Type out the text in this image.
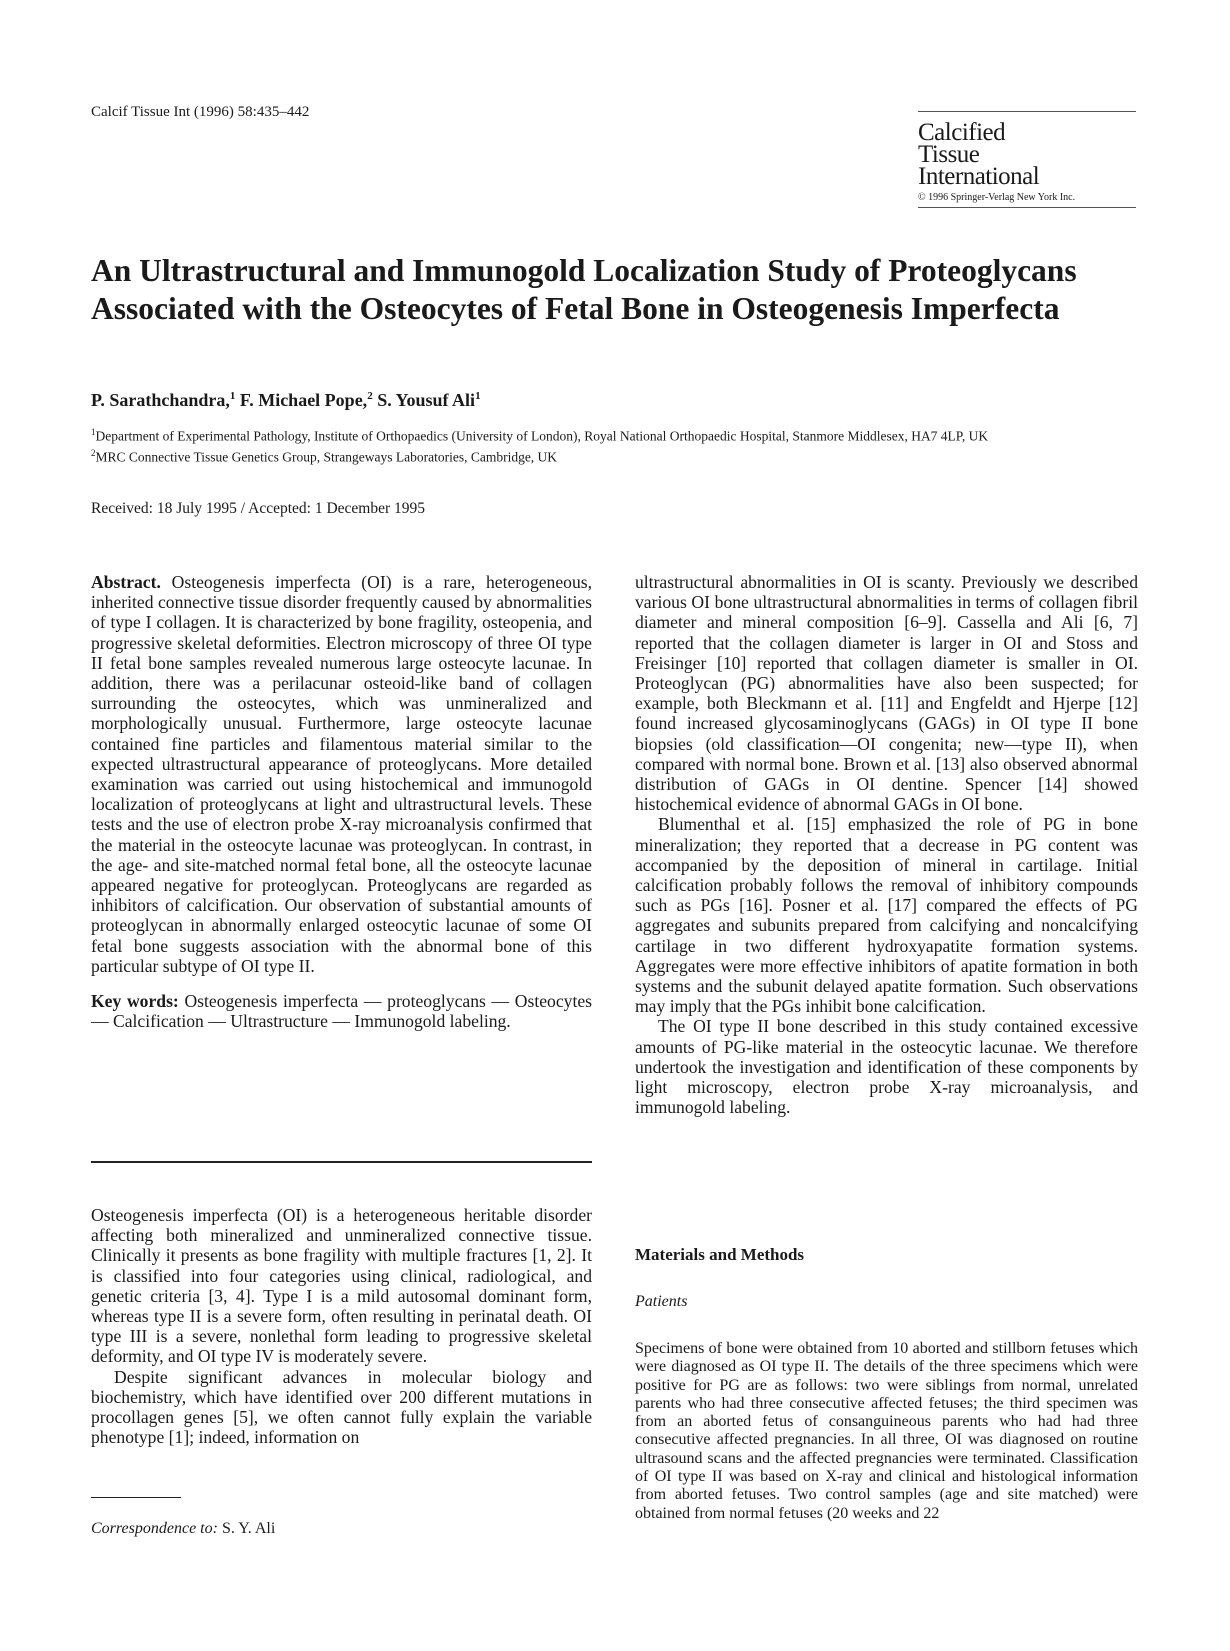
Calcif Tissue Int (1996) 58:435–442
Calcified
Tissue
International
© 1996 Springer-Verlag New York Inc.
An Ultrastructural and Immunogold Localization Study of Proteoglycans Associated with the Osteocytes of Fetal Bone in Osteogenesis Imperfecta
P. Sarathchandra,$^1$ F. Michael Pope,$^2$ S. Yousuf Ali$^1$
$^1$Department of Experimental Pathology, Institute of Orthopaedics (University of London), Royal National Orthopaedic Hospital, Stanmore Middlesex, HA7 4LP, UK
$^2$MRC Connective Tissue Genetics Group, Strangeways Laboratories, Cambridge, UK
Received: 18 July 1995 / Accepted: 1 December 1995

Abstract. Osteogenesis imperfecta (OI) is a rare, heterogeneous, inherited connective tissue disorder frequently caused by abnormalities of type I collagen. It is characterized by bone fragility, osteopenia, and progressive skeletal deformities. Electron microscopy of three OI type II fetal bone samples revealed numerous large osteocyte lacunae. In addition, there was a perilacunar osteoid-like band of collagen surrounding the osteocytes, which was unmineralized and morphologically unusual. Furthermore, large osteocyte lacunae contained fine particles and filamentous material similar to the expected ultrastructural appearance of proteoglycans. More detailed examination was carried out using histochemical and immunogold localization of proteoglycans at light and ultrastructural levels. These tests and the use of electron probe X-ray microanalysis confirmed that the material in the osteocyte lacunae was proteoglycan. In contrast, in the age- and site-matched normal fetal bone, all the osteocyte lacunae appeared negative for proteoglycan. Proteoglycans are regarded as inhibitors of calcification. Our observation of substantial amounts of proteoglycan in abnormally enlarged osteocytic lacunae of some OI fetal bone suggests association with the abnormal bone of this particular subtype of OI type II.

Key words: Osteogenesis imperfecta — proteoglycans — Osteocytes — Calcification — Ultrastructure — Immunogold labeling.

Osteogenesis imperfecta (OI) is a heterogeneous heritable disorder affecting both mineralized and unmineralized connective tissue. Clinically it presents as bone fragility with multiple fractures [1, 2]. It is classified into four categories using clinical, radiological, and genetic criteria [3, 4]. Type I is a mild autosomal dominant form, whereas type II is a severe form, often resulting in perinatal death. OI type III is a severe, nonlethal form leading to progressive skeletal deformity, and OI type IV is moderately severe.

Despite significant advances in molecular biology and biochemistry, which have identified over 200 different mutations in procollagen genes [5], we often cannot fully explain the variable phenotype [1]; indeed, information on

Correspondence to: S. Y. Ali

ultrastructural abnormalities in OI is scanty. Previously we described various OI bone ultrastructural abnormalities in terms of collagen fibril diameter and mineral composition [6–9]. Cassella and Ali [6, 7] reported that the collagen diameter is larger in OI and Stoss and Freisinger [10] reported that collagen diameter is smaller in OI. Proteoglycan (PG) abnormalities have also been suspected; for example, both Bleckmann et al. [11] and Engfeldt and Hjerpe [12] found increased glycosaminoglycans (GAGs) in OI type II bone biopsies (old classification—OI congenita; new—type II), when compared with normal bone. Brown et al. [13] also observed abnormal distribution of GAGs in OI dentine. Spencer [14] showed histochemical evidence of abnormal GAGs in OI bone.

Blumenthal et al. [15] emphasized the role of PG in bone mineralization; they reported that a decrease in PG content was accompanied by the deposition of mineral in cartilage. Initial calcification probably follows the removal of inhibitory compounds such as PGs [16]. Posner et al. [17] compared the effects of PG aggregates and subunits prepared from calcifying and noncalcifying cartilage in two different hydroxyapatite formation systems. Aggregates were more effective inhibitors of apatite formation in both systems and the subunit delayed apatite formation. Such observations may imply that the PGs inhibit bone calcification.

The OI type II bone described in this study contained excessive amounts of PG-like material in the osteocytic lacunae. We therefore undertook the investigation and identification of these components by light microscopy, electron probe X-ray microanalysis, and immunogold labeling.

Materials and Methods
Patients

Specimens of bone were obtained from 10 aborted and stillborn fetuses which were diagnosed as OI type II. The details of the three specimens which were positive for PG are as follows: two were siblings from normal, unrelated parents who had three consecutive affected fetuses; the third specimen was from an aborted fetus of consanguineous parents who had had three consecutive affected pregnancies. In all three, OI was diagnosed on routine ultrasound scans and the affected pregnancies were terminated. Classification of OI type II was based on X-ray and clinical and histological information from aborted fetuses. Two control samples (age and site matched) were obtained from normal fetuses (20 weeks and 22
